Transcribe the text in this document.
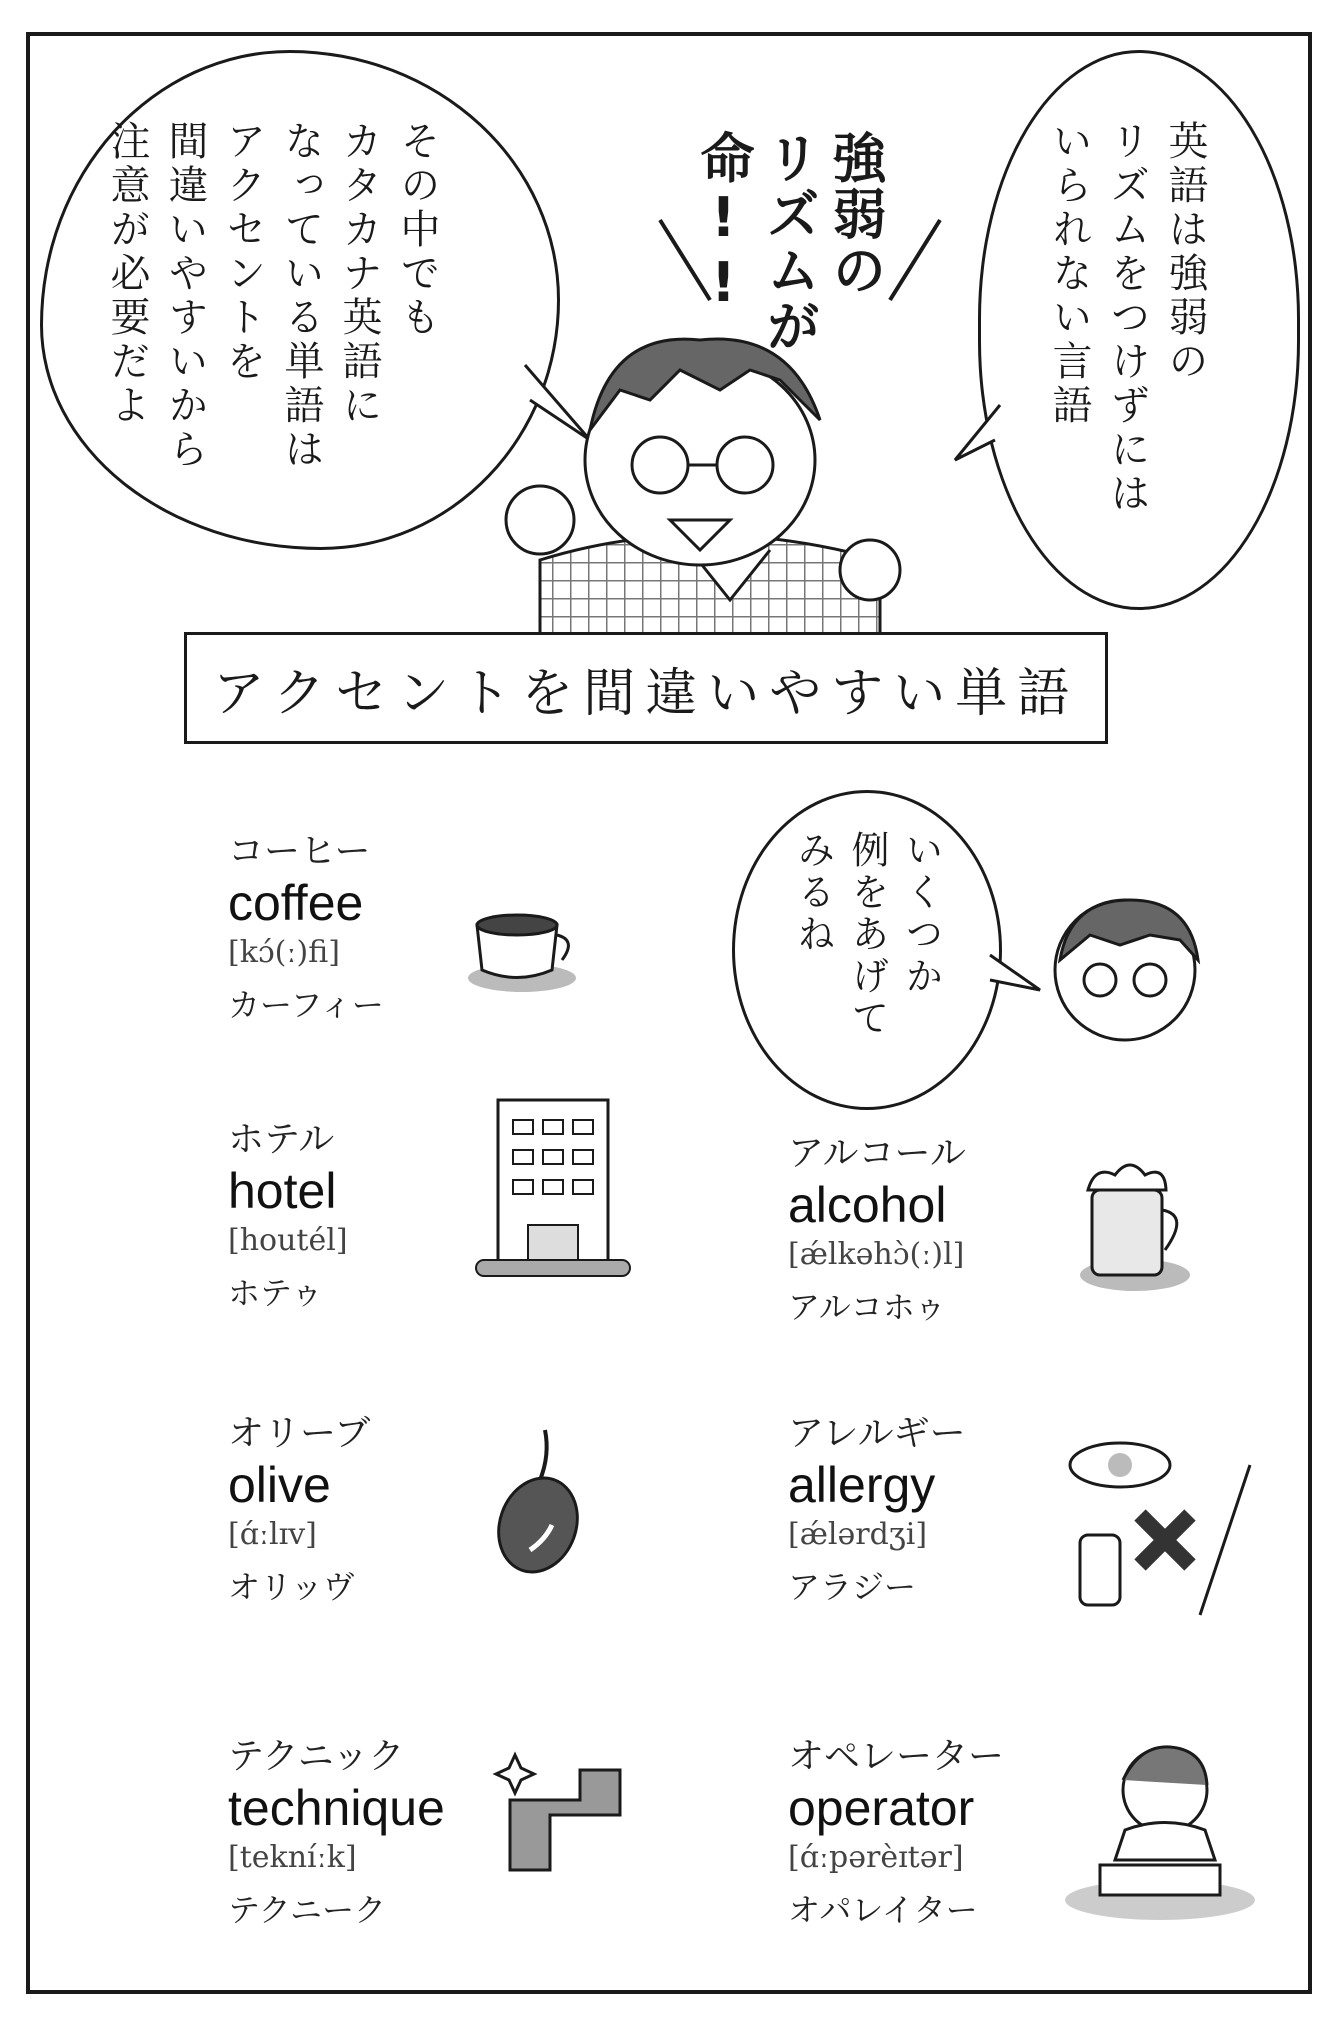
その中でも
カタカナ英語に
なっている単語は
アクセントを
間違いやすいから
注意が必要だよ	英語は強弱の
リズムをつけずには
いられない言語
強弱の
リズムが
命!!
アクセントを間違いやすい単語
いくつか
例をあげて
みるね
コーヒー
coffee
[kɔ́(ː)fi]
カーフィー
ホテル
hotel
[houtél]
ホテゥ
オリーブ
olive
[ɑ́ːlɪv]
オリッヴ
テクニック
technique
[tekníːk]
テクニーク
アルコール
alcohol
[ǽlkəhɔ̀(ː)l]
アルコホゥ
アレルギー
allergy
[ǽlərdʒi]
アラジー
オペレーター
operator
[ɑ́ːpərèɪtər]
オパレイター
